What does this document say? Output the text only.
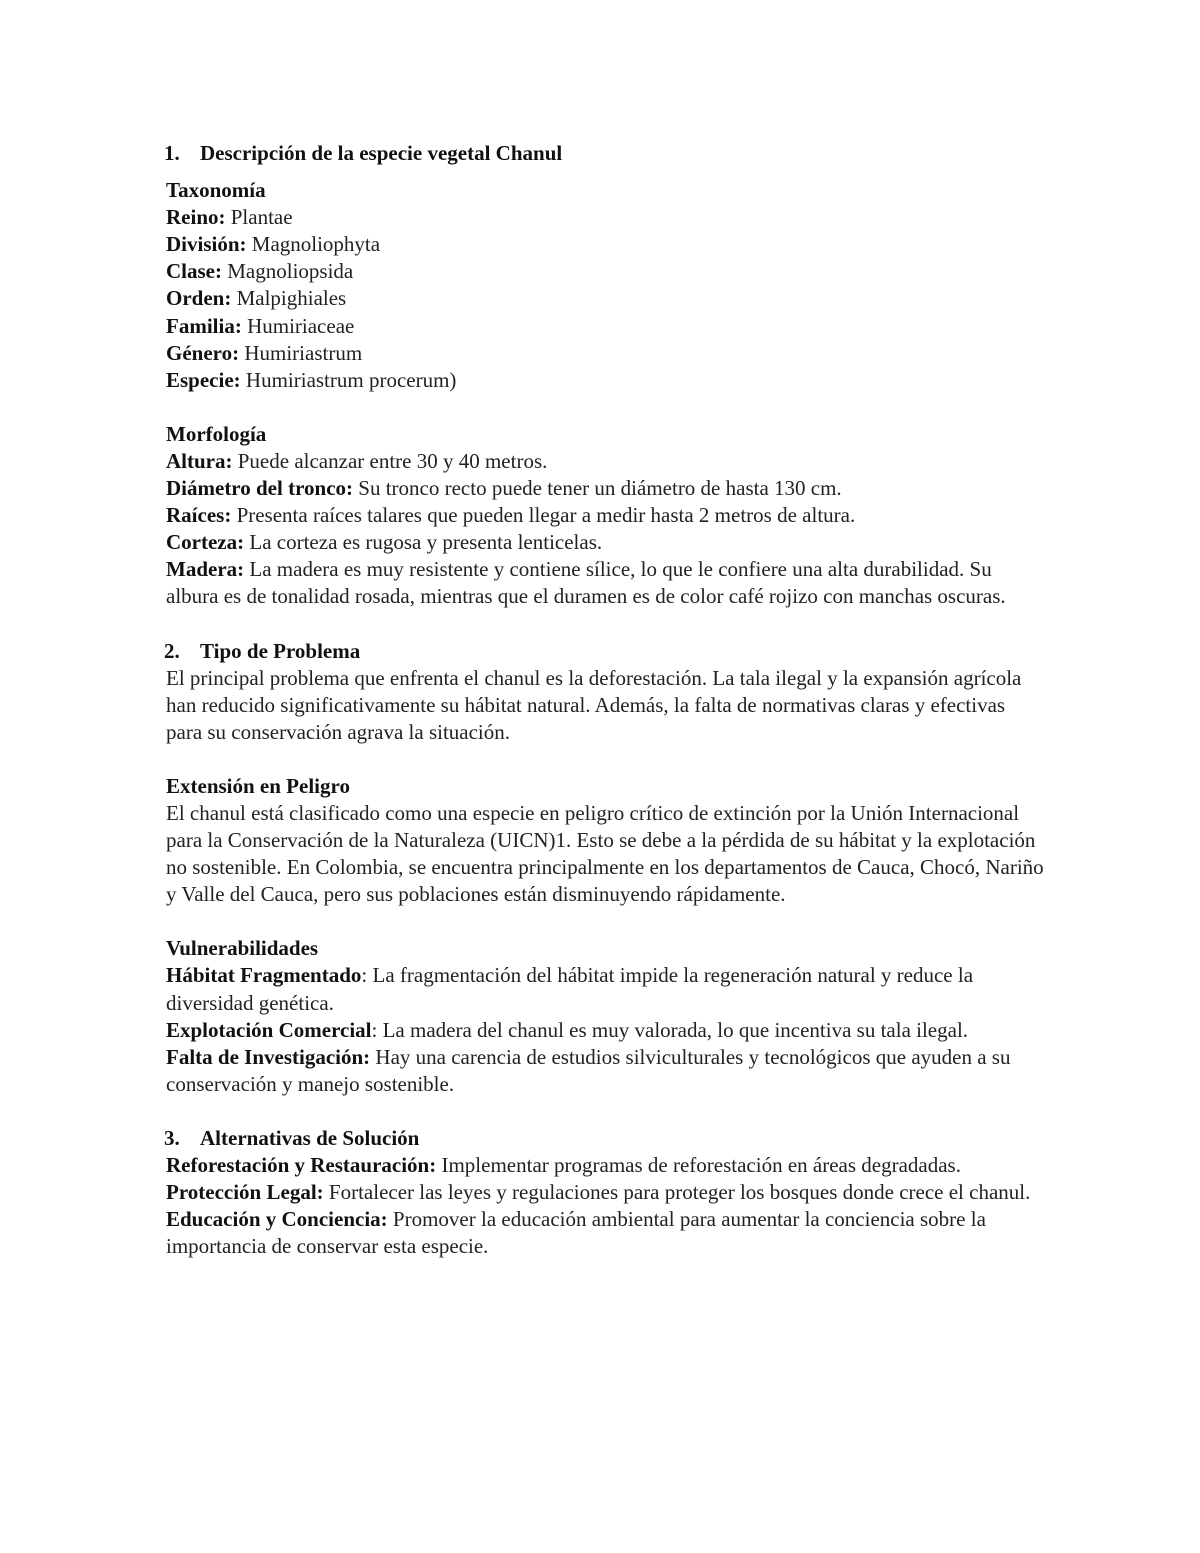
1. Descripción de la especie vegetal Chanul
Taxonomía
Reino: Plantae
División: Magnoliophyta
Clase: Magnoliopsida
Orden: Malpighiales
Familia: Humiriaceae
Género: Humiriastrum
Especie: Humiriastrum procerum)
Morfología
Altura: Puede alcanzar entre 30 y 40 metros.
Diámetro del tronco: Su tronco recto puede tener un diámetro de hasta 130 cm.
Raíces: Presenta raíces talares que pueden llegar a medir hasta 2 metros de altura.
Corteza: La corteza es rugosa y presenta lenticelas.
Madera: La madera es muy resistente y contiene sílice, lo que le confiere una alta durabilidad. Su albura es de tonalidad rosada, mientras que el duramen es de color café rojizo con manchas oscuras.
2. Tipo de Problema
El principal problema que enfrenta el chanul es la deforestación. La tala ilegal y la expansión agrícola han reducido significativamente su hábitat natural. Además, la falta de normativas claras y efectivas para su conservación agrava la situación.
Extensión en Peligro
El chanul está clasificado como una especie en peligro crítico de extinción por la Unión Internacional para la Conservación de la Naturaleza (UICN)1. Esto se debe a la pérdida de su hábitat y la explotación no sostenible. En Colombia, se encuentra principalmente en los departamentos de Cauca, Chocó, Nariño y Valle del Cauca, pero sus poblaciones están disminuyendo rápidamente.
Vulnerabilidades
Hábitat Fragmentado: La fragmentación del hábitat impide la regeneración natural y reduce la diversidad genética.
Explotación Comercial: La madera del chanul es muy valorada, lo que incentiva su tala ilegal.
Falta de Investigación: Hay una carencia de estudios silviculturales y tecnológicos que ayuden a su conservación y manejo sostenible.
3. Alternativas de Solución
Reforestación y Restauración: Implementar programas de reforestación en áreas degradadas.
Protección Legal: Fortalecer las leyes y regulaciones para proteger los bosques donde crece el chanul.
Educación y Conciencia: Promover la educación ambiental para aumentar la conciencia sobre la importancia de conservar esta especie.
